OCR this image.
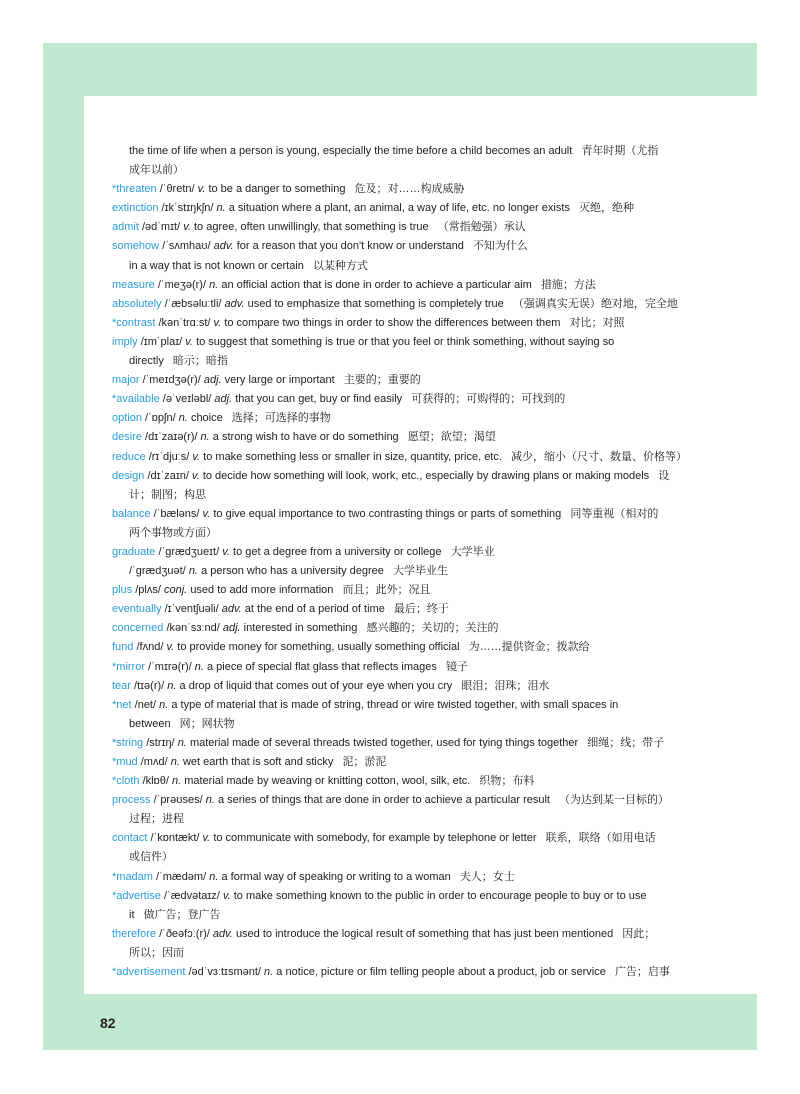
the time of life when a person is young, especially the time before a child becomes an adult 青年时期（尤指
成年以前）
*threaten /ˈθretn/ v. to be a danger to something 危及；对……构成威胁
extinction /ɪkˈstɪŋkʃn/ n. a situation where a plant, an animal, a way of life, etc. no longer exists 灭绝，绝种
admit /ədˈmɪt/ v. to agree, often unwillingly, that something is true （常指勉强）承认
somehow /ˈsʌmhaʊ/ adv. for a reason that you don't know or understand 不知为什么
in a way that is not known or certain 以某种方式
measure /ˈmeʒə(r)/ n. an official action that is done in order to achieve a particular aim 措施；方法
absolutely /ˈæbsəluːtli/ adv. used to emphasize that something is completely true （强调真实无误）绝对地，完全地
*contrast /kənˈtrɑːst/ v. to compare two things in order to show the differences between them 对比；对照
imply /ɪmˈplaɪ/ v. to suggest that something is true or that you feel or think something, without saying so
directly 暗示；暗指
major /ˈmeɪdʒə(r)/ adj. very large or important 主要的；重要的
*available /əˈveɪləbl/ adj. that you can get, buy or find easily 可获得的；可购得的；可找到的
option /ˈɒpʃn/ n. choice 选择；可选择的事物
desire /dɪˈzaɪə(r)/ n. a strong wish to have or do something 愿望；欲望；渴望
reduce /rɪˈdjuːs/ v. to make something less or smaller in size, quantity, price, etc. 减少，缩小（尺寸、数量、价格等）
design /dɪˈzaɪn/ v. to decide how something will look, work, etc., especially by drawing plans or making models 设
计；制图；构思
balance /ˈbæləns/ v. to give equal importance to two contrasting things or parts of something 同等重视（相对的
两个事物或方面）
graduate /ˈɡrædʒueɪt/ v. to get a degree from a university or college 大学毕业
/ˈɡrædʒuət/ n. a person who has a university degree 大学毕业生
plus /plʌs/ conj. used to add more information 而且；此外；况且
eventually /ɪˈventʃuəli/ adv. at the end of a period of time 最后；终于
concerned /kənˈsɜːnd/ adj. interested in something 感兴趣的；关切的；关注的
fund /fʌnd/ v. to provide money for something, usually something official 为……提供资金；拨款给
*mirror /ˈmɪrə(r)/ n. a piece of special flat glass that reflects images 镜子
tear /tɪə(r)/ n. a drop of liquid that comes out of your eye when you cry 眼泪；泪珠；泪水
*net /net/ n. a type of material that is made of string, thread or wire twisted together, with small spaces in
between 网；网状物
*string /strɪŋ/ n. material made of several threads twisted together, used for tying things together 细绳；线；带子
*mud /mʌd/ n. wet earth that is soft and sticky 泥；淤泥
*cloth /klɒθ/ n. material made by weaving or knitting cotton, wool, silk, etc. 织物；布料
process /ˈprəʊses/ n. a series of things that are done in order to achieve a particular result （为达到某一目标的）
过程；进程
contact /ˈkɒntækt/ v. to communicate with somebody, for example by telephone or letter 联系，联络（如用电话
或信件）
*madam /ˈmædəm/ n. a formal way of speaking or writing to a woman 夫人；女士
*advertise /ˈædvətaɪz/ v. to make something known to the public in order to encourage people to buy or to use
it 做广告；登广告
therefore /ˈðeəfɔː(r)/ adv. used to introduce the logical result of something that has just been mentioned 因此；
所以；因而
*advertisement /ədˈvɜːtɪsmənt/ n. a notice, picture or film telling people about a product, job or service 广告；启事
82
